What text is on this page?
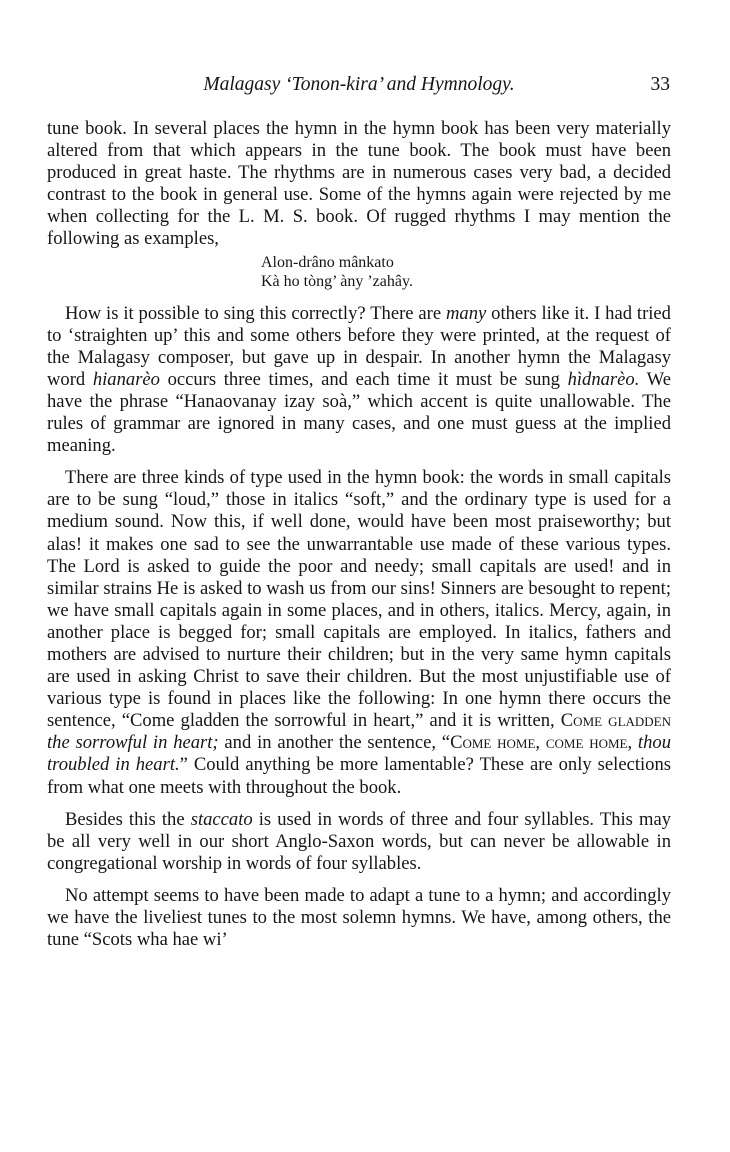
Malagasy ‘Tonon-kira’ and Hymnology.	33

tune book. In several places the hymn in the hymn book has been very materially altered from that which appears in the tune book. The book must have been produced in great haste. The rhythms are in numerous cases very bad, a decided contrast to the book in general use. Some of the hymns again were rejected by me when collecting for the L. M. S. book. Of rugged rhythms I may mention the following as examples,

Alon-drâno mânkato
Kà ho tòng’ àny ’zahây.

How is it possible to sing this correctly? There are many others like it. I had tried to ‘straighten up’ this and some others before they were printed, at the request of the Malagasy composer, but gave up in despair. In another hymn the Malagasy word hianarèo occurs three times, and each time it must be sung hìdnarèo. We have the phrase “Hanaovanay izay soà,” which accent is quite unallowable. The rules of grammar are ignored in many cases, and one must guess at the implied meaning.

There are three kinds of type used in the hymn book: the words in small capitals are to be sung “loud,” those in italics “soft,” and the ordinary type is used for a medium sound. Now this, if well done, would have been most praiseworthy; but alas! it makes one sad to see the unwarrantable use made of these various types. The Lord is asked to guide the poor and needy; small capitals are used! and in similar strains He is asked to wash us from our sins! Sinners are besought to repent; we have small capitals again in some places, and in others, italics. Mercy, again, in another place is begged for; small capitals are employed. In italics, fathers and mothers are advised to nurture their children; but in the very same hymn capitals are used in asking Christ to save their children. But the most unjustifiable use of various type is found in places like the following: In one hymn there occurs the sentence, “Come gladden the sorrowful in heart,” and it is written, Come gladden the sorrowful in heart; and in another the sentence, “Come home, come home, thou troubled in heart.” Could anything be more lamentable? These are only selections from what one meets with throughout the book.

Besides this the staccato is used in words of three and four syllables. This may be all very well in our short Anglo-Saxon words, but can never be allowable in congregational worship in words of four syllables.

No attempt seems to have been made to adapt a tune to a hymn; and accordingly we have the liveliest tunes to the most solemn hymns. We have, among others, the tune “Scots wha hae wi’
